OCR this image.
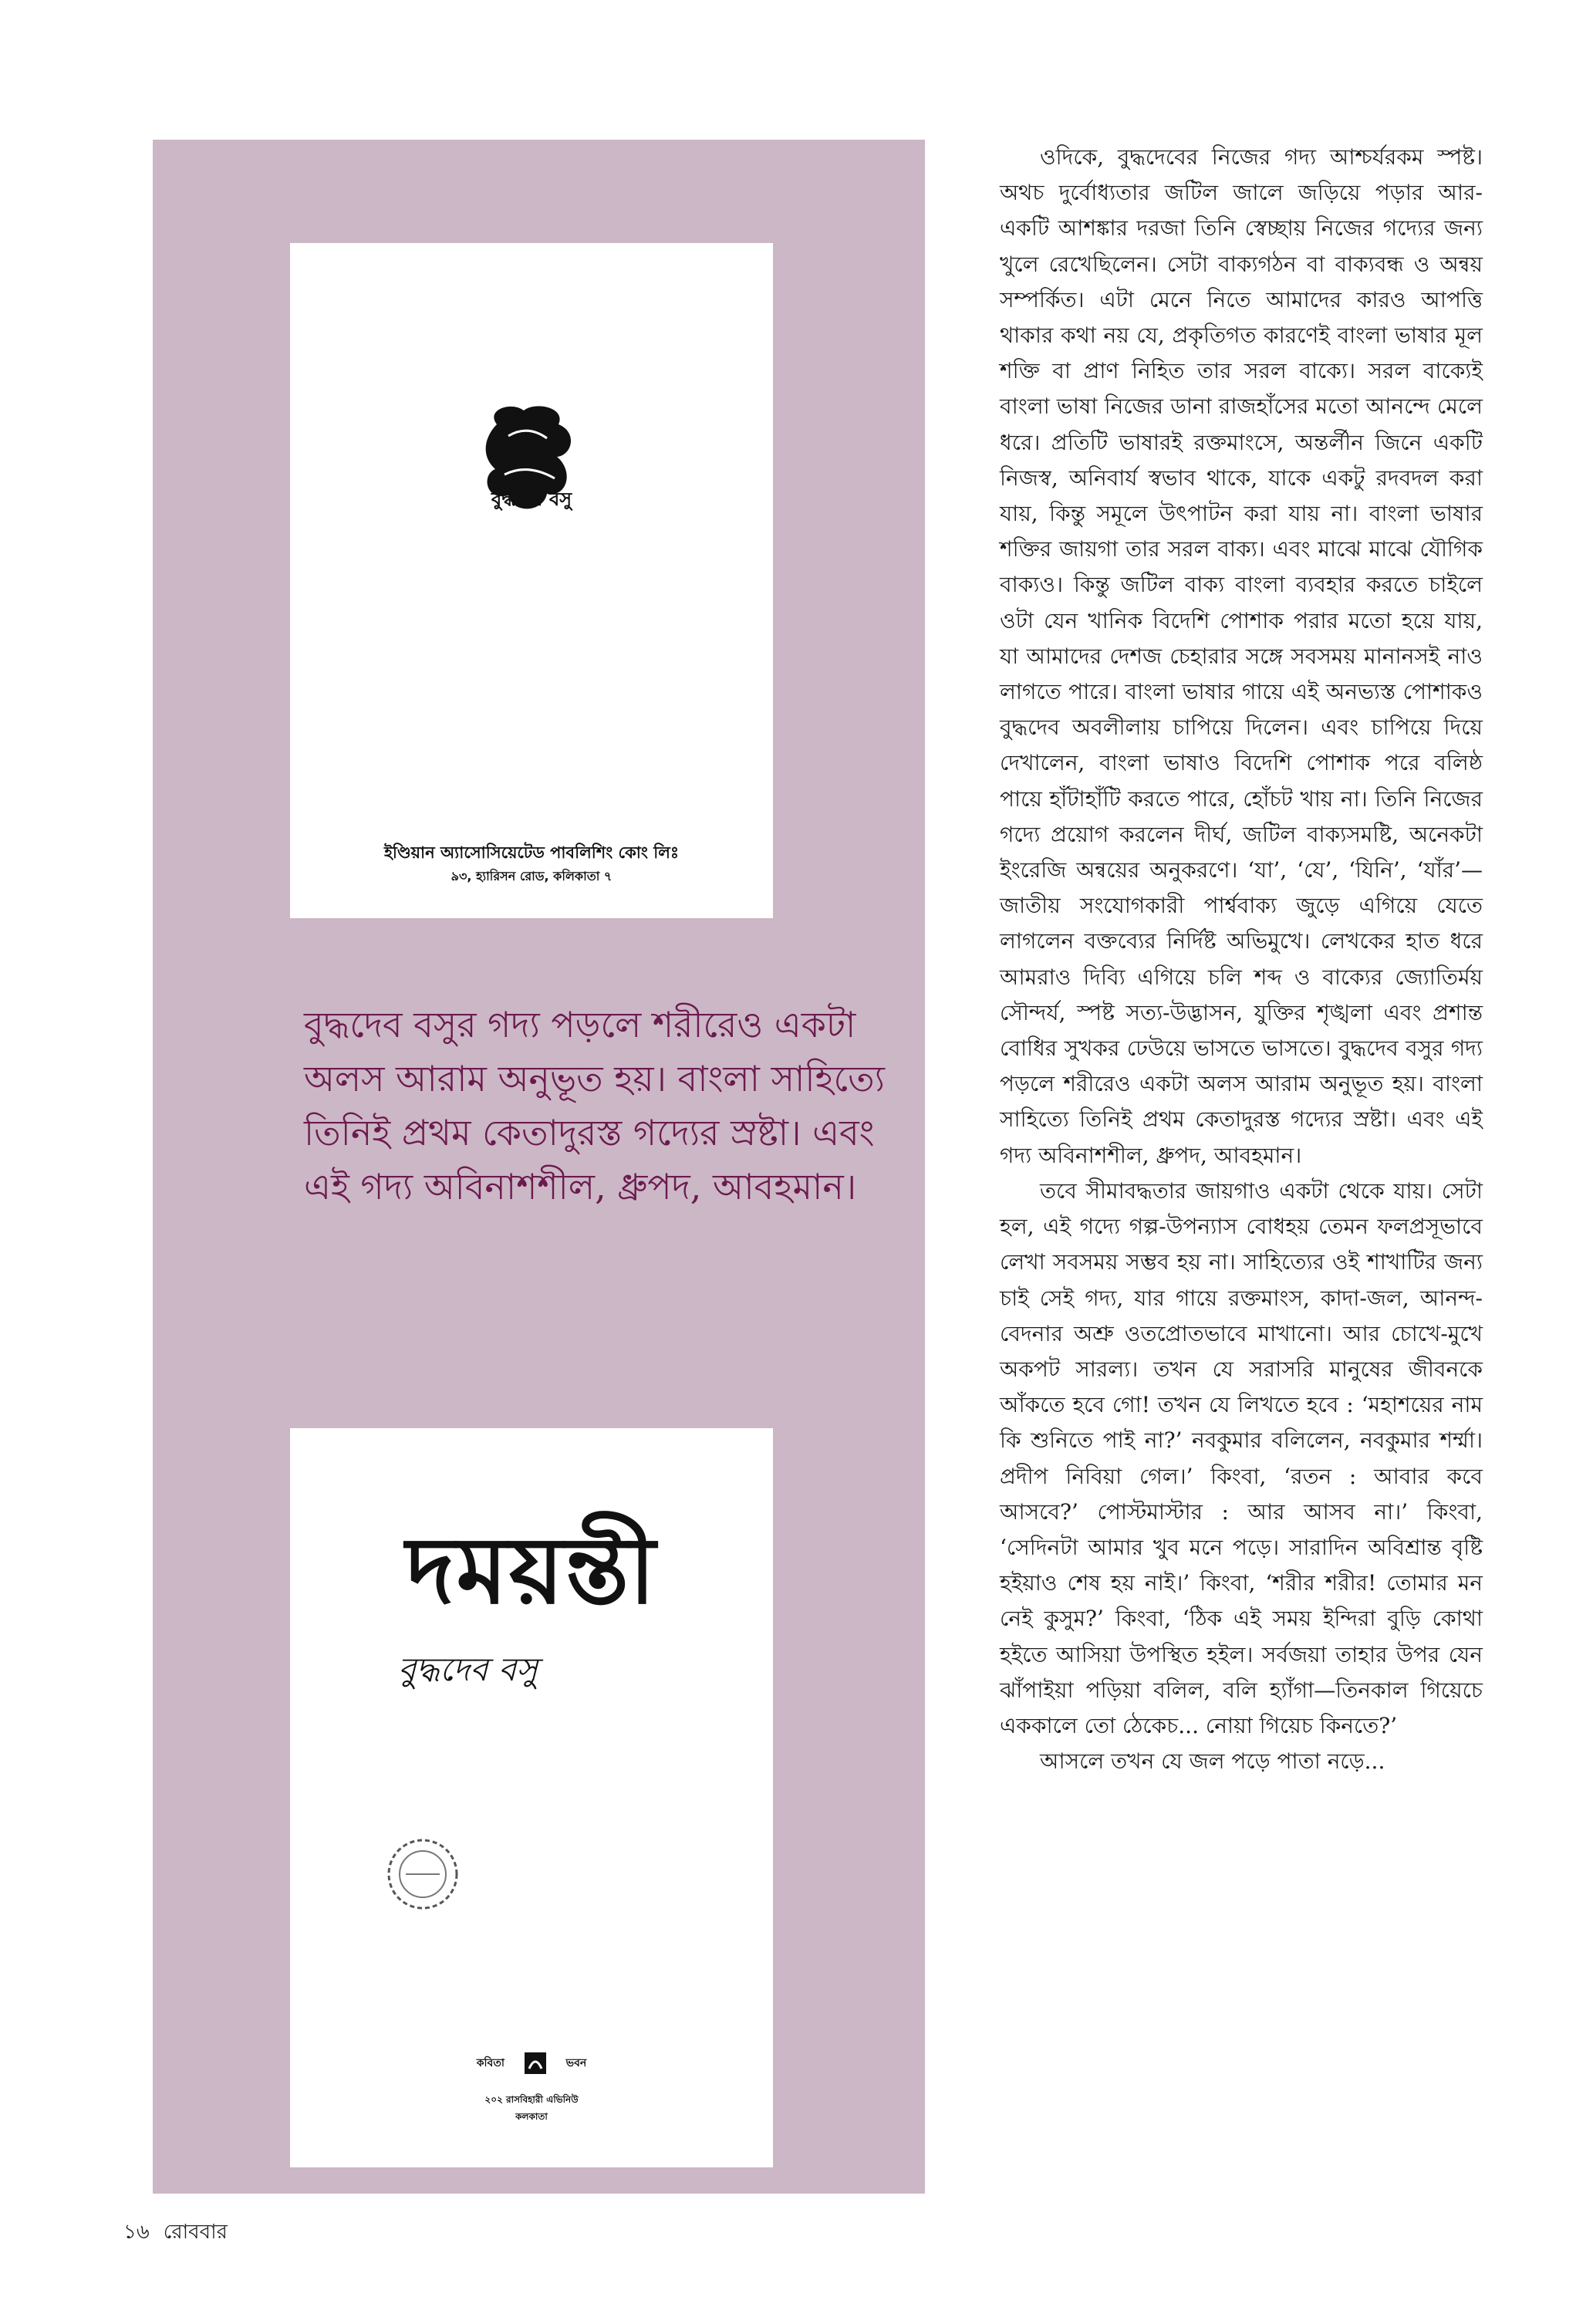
বুদ্ধদেব বসু
ইণ্ডিয়ান অ্যাসোসিয়েটেড পাবলিশিং কোং লিঃ
৯৩, হ্যারিসন রোড, কলিকাতা ৭
বুদ্ধদেব বসুর গদ্য পড়লে শরীরেও একটা অলস আরাম অনুভূত হয়। বাংলা সাহিত্যে তিনিই প্রথম কেতাদুরস্ত গদ্যের স্রষ্টা। এবং এই গদ্য অবিনাশশীল, ধ্রুপদ, আবহমান।
দময়ন্তী
বুদ্ধদেব বসু
কবিতা	ভবন
২০২ রাসবিহারী এভিনিউ
কলকাতা

ওদিকে, বুদ্ধদেবের নিজের গদ্য আশ্চর্যরকম স্পষ্ট। অথচ দুর্বোধ্যতার জটিল জালে জড়িয়ে পড়ার আর-একটি আশঙ্কার দরজা তিনি স্বেচ্ছায় নিজের গদ্যের জন্য খুলে রেখেছিলেন। সেটা বাক্যগঠন বা বাক্যবন্ধ ও অন্বয় সম্পর্কিত। এটা মেনে নিতে আমাদের কারও আপত্তি থাকার কথা নয় যে, প্রকৃতিগত কারণেই বাংলা ভাষার মূল শক্তি বা প্রাণ নিহিত তার সরল বাক্যে। সরল বাক্যেই বাংলা ভাষা নিজের ডানা রাজহাঁসের মতো আনন্দে মেলে ধরে। প্রতিটি ভাষারই রক্তমাংসে, অন্তর্লীন জিনে একটি নিজস্ব, অনিবার্য স্বভাব থাকে, যাকে একটু রদবদল করা যায়, কিন্তু সমূলে উৎপাটন করা যায় না। বাংলা ভাষার শক্তির জায়গা তার সরল বাক্য। এবং মাঝে মাঝে যৌগিক বাক্যও। কিন্তু জটিল বাক্য বাংলা ব্যবহার করতে চাইলে ওটা যেন খানিক বিদেশি পোশাক পরার মতো হয়ে যায়, যা আমাদের দেশজ চেহারার সঙ্গে সবসময় মানানসই নাও লাগতে পারে। বাংলা ভাষার গায়ে এই অনভ্যস্ত পোশাকও বুদ্ধদেব অবলীলায় চাপিয়ে দিলেন। এবং চাপিয়ে দিয়ে দেখালেন, বাংলা ভাষাও বিদেশি পোশাক পরে বলিষ্ঠ পায়ে হাঁটাহাঁটি করতে পারে, হোঁচট খায় না। তিনি নিজের গদ্যে প্রয়োগ করলেন দীর্ঘ, জটিল বাক্যসমষ্টি, অনেকটা ইংরেজি অন্বয়ের অনুকরণে। ‘যা’, ‘যে’, ‘যিনি’, ‘যাঁর’—জাতীয় সংযোগকারী পার্শ্ববাক্য জুড়ে এগিয়ে যেতে লাগলেন বক্তব্যের নির্দিষ্ট অভিমুখে। লেখকের হাত ধরে আমরাও দিব্যি এগিয়ে চলি শব্দ ও বাক্যের জ্যোতির্ময় সৌন্দর্য, স্পষ্ট সত্য-উদ্ভাসন, যুক্তির শৃঙ্খলা এবং প্রশান্ত বোধির সুখকর ঢেউয়ে ভাসতে ভাসতে। বুদ্ধদেব বসুর গদ্য পড়লে শরীরেও একটা অলস আরাম অনুভূত হয়। বাংলা সাহিত্যে তিনিই প্রথম কেতাদুরস্ত গদ্যের স্রষ্টা। এবং এই গদ্য অবিনাশশীল, ধ্রুপদ, আবহমান।

তবে সীমাবদ্ধতার জায়গাও একটা থেকে যায়। সেটা হল, এই গদ্যে গল্প-উপন্যাস বোধহয় তেমন ফলপ্রসূভাবে লেখা সবসময় সম্ভব হয় না। সাহিত্যের ওই শাখাটির জন্য চাই সেই গদ্য, যার গায়ে রক্তমাংস, কাদা-জল, আনন্দ-বেদনার অশ্রু ওতপ্রোতভাবে মাখানো। আর চোখে-মুখে অকপট সারল্য। তখন যে সরাসরি মানুষের জীবনকে আঁকতে হবে গো! তখন যে লিখতে হবে : ‘মহাশয়ের নাম কি শুনিতে পাই না?’ নবকুমার বলিলেন, নবকুমার শর্ম্মা। প্রদীপ নিবিয়া গেল।’ কিংবা, ‘রতন : আবার কবে আসবে?’ পোস্টমাস্টার : আর আসব না।’ কিংবা, ‘সেদিনটা আমার খুব মনে পড়ে। সারাদিন অবিশ্রান্ত বৃষ্টি হইয়াও শেষ হয় নাই।’ কিংবা, ‘শরীর শরীর! তোমার মন নেই কুসুম?’ কিংবা, ‘ঠিক এই সময় ইন্দিরা বুড়ি কোথা হইতে আসিয়া উপস্থিত হইল। সর্বজয়া তাহার উপর যেন ঝাঁপাইয়া পড়িয়া বলিল, বলি হ্যাঁগা—তিনকাল গিয়েচে এককালে তো ঠেকেচ... নোয়া গিয়েচ কিনতে?’

আসলে তখন যে জল পড়ে পাতা নড়ে...

১৬ রোববার
